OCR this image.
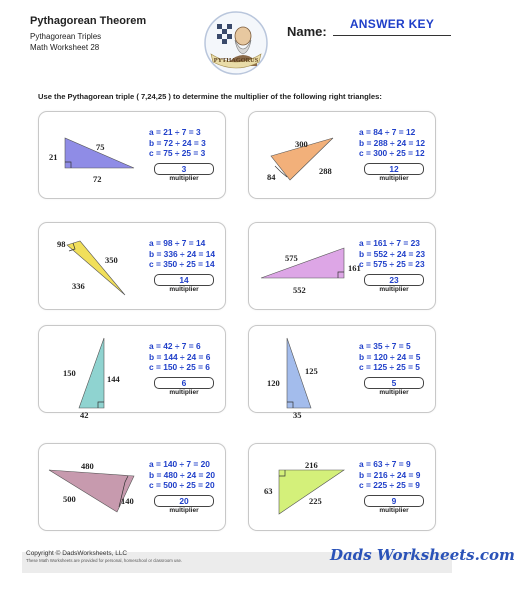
Pythagorean Theorem
Pythagorean Triples
Math Worksheet 28
PYTHAGORUS
Name:	ANSWER KEY
Use the Pythagorean triple ( 7,24,25 ) to determine the multiplier of the following right triangles:
21
75
72
a = 21 ÷ 7 = 3
b = 72 ÷ 24 = 3
c = 75 ÷ 25 = 3
3
multiplier
300
84
288
a = 84 ÷ 7 = 12
b = 288 ÷ 24 = 12
c = 300 ÷ 25 = 12
12
multiplier
98
350
336
a = 98 ÷ 7 = 14
b = 336 ÷ 24 = 14
c = 350 ÷ 25 = 14
14
multiplier
575
161
552
a = 161 ÷ 7 = 23
b = 552 ÷ 24 = 23
c = 575 ÷ 25 = 23
23
multiplier
150
144
42
a = 42 ÷ 7 = 6
b = 144 ÷ 24 = 6
c = 150 ÷ 25 = 6
6
multiplier
120
125
35
a = 35 ÷ 7 = 5
b = 120 ÷ 24 = 5
c = 125 ÷ 25 = 5
5
multiplier
480
500	140
a = 140 ÷ 7 = 20
b = 480 ÷ 24 = 20
c = 500 ÷ 25 = 20
20
multiplier
216
63
225
a = 63 ÷ 7 = 9
b = 216 ÷ 24 = 9
c = 225 ÷ 25 = 9
9
multiplier
Copyright © DadsWorksheets, LLC
These Math Worksheets are provided for personal, homeschool or classroom use.	Dads Worksheets.com
